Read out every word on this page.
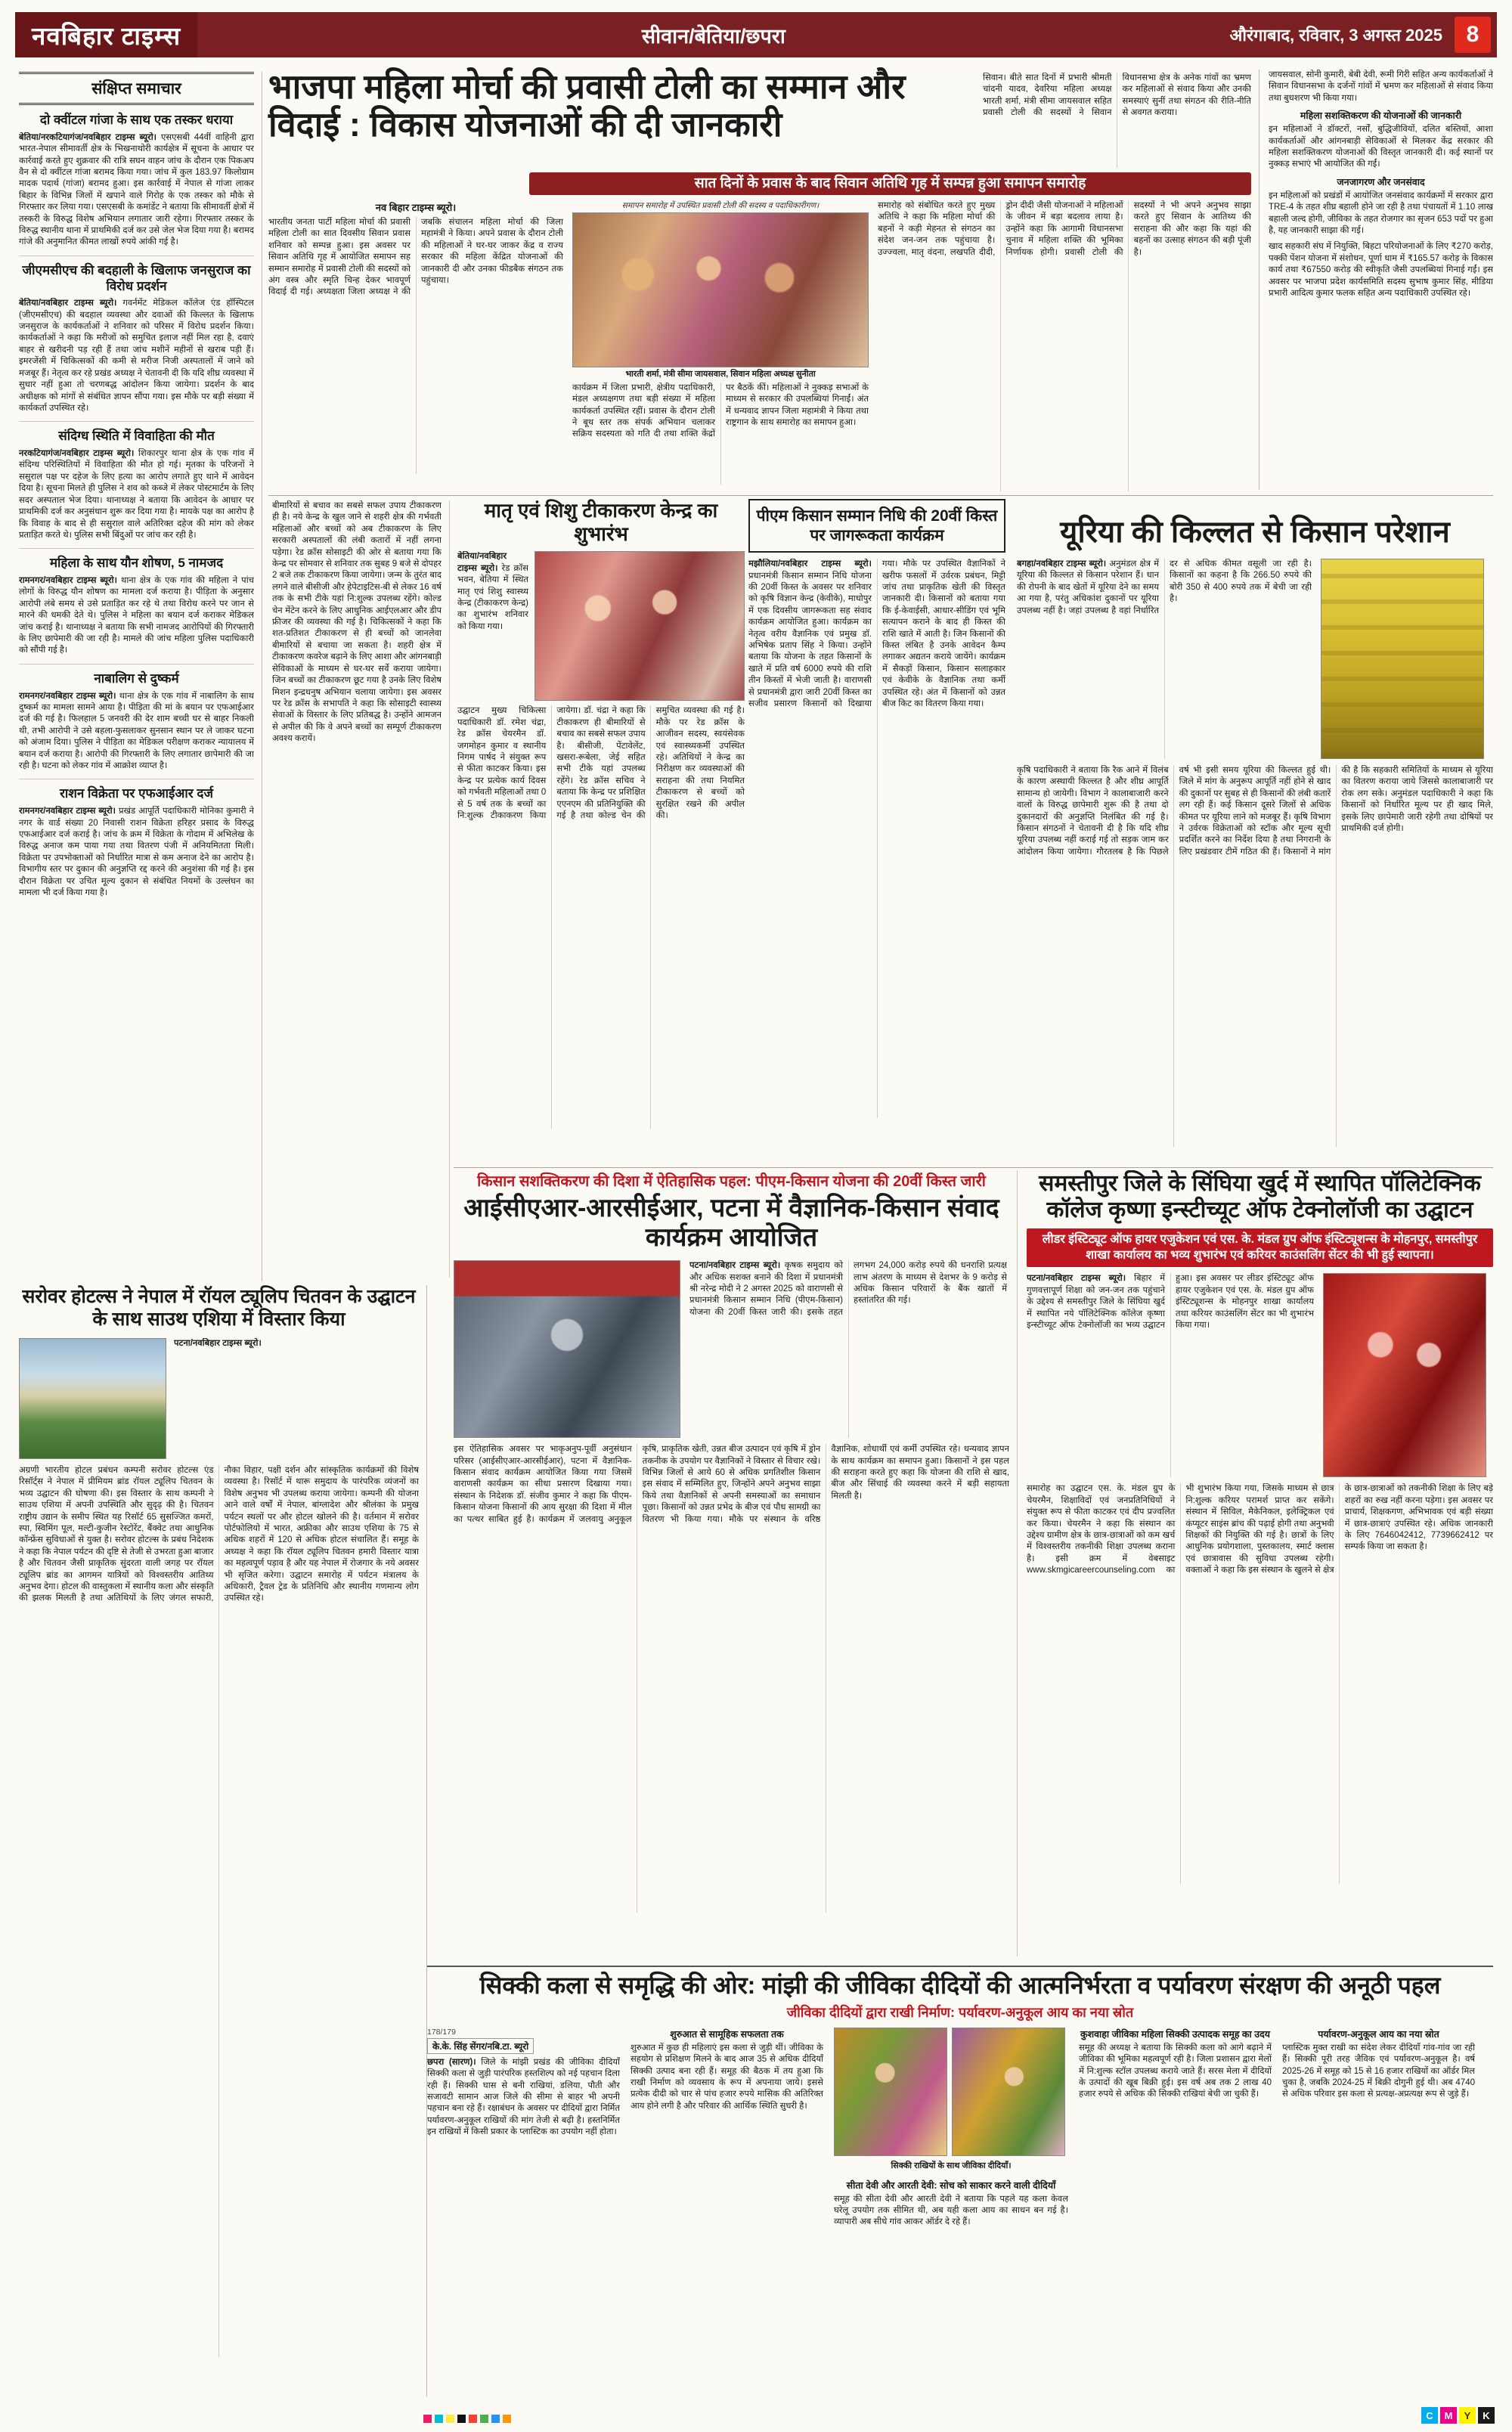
नवबिहार टाइम्स	सीवान/बेतिया/छपरा	औरंगाबाद, रविवार, 3 अगस्त 2025	8
संक्षिप्त समाचार
दो क्वींटल गांजा के साथ एक तस्कर धराया
बेतिया/नरकटियागंज/नवबिहार टाइम्स ब्यूरो। एसएसबी 44वीं वाहिनी द्वारा भारत-नेपाल सीमावर्ती क्षेत्र के भिखनाथोरी कार्यक्षेत्र में सूचना के आधार पर कार्रवाई करते हुए शुक्रवार की रात्रि सघन वाहन जांच के दौरान एक पिकअप वैन से दो क्वींटल गांजा बरामद किया गया। जांच में कुल 183.97 किलोग्राम मादक पदार्थ (गांजा) बरामद हुआ। इस कार्रवाई में नेपाल से गांजा लाकर बिहार के विभिन्न जिलों में खपाने वाले गिरोह के एक तस्कर को मौके से गिरफ्तार कर लिया गया। एसएसबी के कमांडेंट ने बताया कि सीमावर्ती क्षेत्रों में तस्करी के विरुद्ध विशेष अभियान लगातार जारी रहेगा। गिरफ्तार तस्कर के विरुद्ध स्थानीय थाना में प्राथमिकी दर्ज कर उसे जेल भेज दिया गया है। बरामद गांजे की अनुमानित कीमत लाखों रुपये आंकी गई है।
जीएमसीएच की बदहाली के खिलाफ जनसुराज का विरोध प्रदर्शन
बेतिया/नवबिहार टाइम्स ब्यूरो। गवर्नमेंट मेडिकल कॉलेज एंड हॉस्पिटल (जीएमसीएच) की बदहाल व्यवस्था और दवाओं की किल्लत के खिलाफ जनसुराज के कार्यकर्ताओं ने शनिवार को परिसर में विरोध प्रदर्शन किया। कार्यकर्ताओं ने कहा कि मरीजों को समुचित इलाज नहीं मिल रहा है, दवाएं बाहर से खरीदनी पड़ रही हैं तथा जांच मशीनें महीनों से खराब पड़ी हैं। इमरजेंसी में चिकित्सकों की कमी से मरीज निजी अस्पतालों में जाने को मजबूर हैं। नेतृत्व कर रहे प्रखंड अध्यक्ष ने चेतावनी दी कि यदि शीघ्र व्यवस्था में सुधार नहीं हुआ तो चरणबद्ध आंदोलन किया जायेगा। प्रदर्शन के बाद अधीक्षक को मांगों से संबंधित ज्ञापन सौंपा गया। इस मौके पर बड़ी संख्या में कार्यकर्ता उपस्थित रहे।
संदिग्ध स्थिति में विवाहिता की मौत
नरकटियागंज/नवबिहार टाइम्स ब्यूरो। शिकारपुर थाना क्षेत्र के एक गांव में संदिग्ध परिस्थितियों में विवाहिता की मौत हो गई। मृतका के परिजनों ने ससुराल पक्ष पर दहेज के लिए हत्या का आरोप लगाते हुए थाने में आवेदन दिया है। सूचना मिलते ही पुलिस ने शव को कब्जे में लेकर पोस्टमार्टम के लिए सदर अस्पताल भेज दिया। थानाध्यक्ष ने बताया कि आवेदन के आधार पर प्राथमिकी दर्ज कर अनुसंधान शुरू कर दिया गया है। मायके पक्ष का आरोप है कि विवाह के बाद से ही ससुराल वाले अतिरिक्त दहेज की मांग को लेकर प्रताड़ित करते थे। पुलिस सभी बिंदुओं पर जांच कर रही है।
महिला के साथ यौन शोषण, 5 नामजद
रामनगर/नवबिहार टाइम्स ब्यूरो। थाना क्षेत्र के एक गांव की महिला ने पांच लोगों के विरुद्ध यौन शोषण का मामला दर्ज कराया है। पीड़िता के अनुसार आरोपी लंबे समय से उसे प्रताड़ित कर रहे थे तथा विरोध करने पर जान से मारने की धमकी देते थे। पुलिस ने महिला का बयान दर्ज कराकर मेडिकल जांच कराई है। थानाध्यक्ष ने बताया कि सभी नामजद आरोपियों की गिरफ्तारी के लिए छापेमारी की जा रही है। मामले की जांच महिला पुलिस पदाधिकारी को सौंपी गई है।
नाबालिग से दुष्कर्म
रामनगर/नवबिहार टाइम्स ब्यूरो। थाना क्षेत्र के एक गांव में नाबालिग के साथ दुष्कर्म का मामला सामने आया है। पीड़िता की मां के बयान पर एफआईआर दर्ज की गई है। फिलहाल 5 जनवरी की देर शाम बच्ची घर से बाहर निकली थी, तभी आरोपी ने उसे बहला-फुसलाकर सुनसान स्थान पर ले जाकर घटना को अंजाम दिया। पुलिस ने पीड़िता का मेडिकल परीक्षण कराकर न्यायालय में बयान दर्ज कराया है। आरोपी की गिरफ्तारी के लिए लगातार छापेमारी की जा रही है। घटना को लेकर गांव में आक्रोश व्याप्त है।
राशन विक्रेता पर एफआईआर दर्ज
रामनगर/नवबिहार टाइम्स ब्यूरो। प्रखंड आपूर्ति पदाधिकारी मोनिका कुमारी ने नगर के वार्ड संख्या 20 निवासी राशन विक्रेता हरिहर प्रसाद के विरुद्ध एफआईआर दर्ज कराई है। जांच के क्रम में विक्रेता के गोदाम में अभिलेख के विरुद्ध अनाज कम पाया गया तथा वितरण पंजी में अनियमितता मिली। विक्रेता पर उपभोक्ताओं को निर्धारित मात्रा से कम अनाज देने का आरोप है। विभागीय स्तर पर दुकान की अनुज्ञप्ति रद्द करने की अनुशंसा की गई है। इस दौरान विक्रेता पर उचित मूल्य दुकान से संबंधित नियमों के उल्लंघन का मामला भी दर्ज किया गया है।
भाजपा महिला मोर्चा की प्रवासी टोली का सम्मान और विदाई : विकास योजनाओं की दी जानकारी
सिवान। बीते सात दिनों में प्रभारी श्रीमती चांदनी यादव, देवरिया महिला अध्यक्ष भारती शर्मा, मंत्री सीमा जायसवाल सहित प्रवासी टोली की सदस्यों ने सिवान विधानसभा क्षेत्र के अनेक गांवों का भ्रमण कर महिलाओं से संवाद किया और उनकी समस्याएं सुनीं तथा संगठन की रीति-नीति से अवगत कराया।
सात दिनों के प्रवास के बाद सिवान अतिथि गृह में सम्पन्न हुआ समापन समारोह
नव बिहार टाइम्स ब्यूरो।
भारतीय जनता पार्टी महिला मोर्चा की प्रवासी महिला टोली का सात दिवसीय सिवान प्रवास शनिवार को सम्पन्न हुआ। इस अवसर पर सिवान अतिथि गृह में आयोजित समापन सह सम्मान समारोह में प्रवासी टोली की सदस्यों को अंग वस्त्र और स्मृति चिन्ह देकर भावपूर्ण विदाई दी गई। अध्यक्षता जिला अध्यक्ष ने की जबकि संचालन महिला मोर्चा की जिला महामंत्री ने किया। अपने प्रवास के दौरान टोली की महिलाओं ने घर-घर जाकर केंद्र व राज्य सरकार की महिला केंद्रित योजनाओं की जानकारी दी और उनका फीडबैक संगठन तक पहुंचाया।
समापन समारोह में उपस्थित प्रवासी टोली की सदस्य व पदाधिकारीगण।
भारती शर्मा, मंत्री सीमा जायसवाल, सिवान महिला अध्यक्ष सुनीता
कार्यक्रम में जिला प्रभारी, क्षेत्रीय पदाधिकारी, मंडल अध्यक्षगण तथा बड़ी संख्या में महिला कार्यकर्ता उपस्थित रहीं। प्रवास के दौरान टोली ने बूथ स्तर तक संपर्क अभियान चलाकर सक्रिय सदस्यता को गति दी तथा शक्ति केंद्रों पर बैठकें कीं। महिलाओं ने नुक्कड़ सभाओं के माध्यम से सरकार की उपलब्धियां गिनाईं। अंत में धन्यवाद ज्ञापन जिला महामंत्री ने किया तथा राष्ट्रगान के साथ समारोह का समापन हुआ।
समारोह को संबोधित करते हुए मुख्य अतिथि ने कहा कि महिला मोर्चा की बहनों ने कड़ी मेहनत से संगठन का संदेश जन-जन तक पहुंचाया है। उज्ज्वला, मातृ वंदना, लखपति दीदी, ड्रोन दीदी जैसी योजनाओं ने महिलाओं के जीवन में बड़ा बदलाव लाया है। उन्होंने कहा कि आगामी विधानसभा चुनाव में महिला शक्ति की भूमिका निर्णायक होगी। प्रवासी टोली की सदस्यों ने भी अपने अनुभव साझा करते हुए सिवान के आतिथ्य की सराहना की और कहा कि यहां की बहनों का उत्साह संगठन की बड़ी पूंजी है।
जायसवाल, सोनी कुमारी, बेबी देवी, रूमी गिरी सहित अन्य कार्यकर्ताओं ने सिवान विधानसभा के दर्जनों गांवों में भ्रमण कर महिलाओं से संवाद किया तथा बुधशरण भी किया गया।
महिला सशक्तिकरण की योजनाओं की जानकारी
इन महिलाओं ने डॉक्टरों, नर्सों, बुद्धिजीवियों, दलित बस्तियों, आशा कार्यकर्ताओं और आंगनबाड़ी सेविकाओं से मिलकर केंद्र सरकार की महिला सशक्तिकरण योजनाओं की विस्तृत जानकारी दी। कई स्थानों पर नुक्कड़ सभाएं भी आयोजित की गईं।
जनजागरण और जनसंवाद
इन महिलाओं को प्रखंडों में आयोजित जनसंवाद कार्यक्रमों में सरकार द्वारा TRE-4 के तहत शीघ्र बहाली होने जा रही है तथा पंचायतों में 1.10 लाख बहाली जल्द होगी, जीविका के तहत रोजगार का सृजन 653 पदों पर हुआ है, यह जानकारी साझा की गई।
खाद सहकारी संघ में नियुक्ति, बिहटा परियोजनाओं के लिए ₹270 करोड़, पक्की पेंशन योजना में संशोधन, पूर्णा धाम में ₹165.57 करोड़ के विकास कार्य तथा ₹67550 करोड़ की स्वीकृति जैसी उपलब्धियां गिनाई गईं। इस अवसर पर भाजपा प्रदेश कार्यसमिति सदस्य सुभाष कुमार सिंह, मीडिया प्रभारी आदित्य कुमार फलक सहित अन्य पदाधिकारी उपस्थित रहे।
बीमारियों से बचाव का सबसे सफल उपाय टीकाकरण ही है। नये केन्द्र के खुल जाने से शहरी क्षेत्र की गर्भवती महिलाओं और बच्चों को अब टीकाकरण के लिए सरकारी अस्पतालों की लंबी कतारों में नहीं लगना पड़ेगा। रेड क्रॉस सोसाइटी की ओर से बताया गया कि केन्द्र पर सोमवार से शनिवार तक सुबह 9 बजे से दोपहर 2 बजे तक टीकाकरण किया जायेगा। जन्म के तुरंत बाद लगने वाले बीसीजी और हेपेटाइटिस-बी से लेकर 16 वर्ष तक के सभी टीके यहां नि:शुल्क उपलब्ध रहेंगे। कोल्ड चेन मेंटेन करने के लिए आधुनिक आईएलआर और डीप फ्रीजर की व्यवस्था की गई है। चिकित्सकों ने कहा कि शत-प्रतिशत टीकाकरण से ही बच्चों को जानलेवा बीमारियों से बचाया जा सकता है। शहरी क्षेत्र में टीकाकरण कवरेज बढ़ाने के लिए आशा और आंगनबाड़ी सेविकाओं के माध्यम से घर-घर सर्वे कराया जायेगा। जिन बच्चों का टीकाकरण छूट गया है उनके लिए विशेष मिशन इन्द्रधनुष अभियान चलाया जायेगा। इस अवसर पर रेड क्रॉस के सभापति ने कहा कि सोसाइटी स्वास्थ्य सेवाओं के विस्तार के लिए प्रतिबद्ध है। उन्होंने आमजन से अपील की कि वे अपने बच्चों का सम्पूर्ण टीकाकरण अवश्य करायें।
मातृ एवं शिशु टीकाकरण केन्द्र का शुभारंभ
बेतिया/नवबिहार टाइम्स ब्यूरो। रेड क्रॉस भवन, बेतिया में स्थित मातृ एवं शिशु स्वास्थ्य केन्द्र (टीकाकरण केन्द्र) का शुभारंभ शनिवार को किया गया।
उद्घाटन मुख्य चिकित्सा पदाधिकारी डॉ. रमेश चंद्रा, रेड क्रॉस चेयरमैन डॉ. जगमोहन कुमार व स्थानीय निगम पार्षद ने संयुक्त रूप से फीता काटकर किया। इस केन्द्र पर प्रत्येक कार्य दिवस को गर्भवती महिलाओं तथा 0 से 5 वर्ष तक के बच्चों का नि:शुल्क टीकाकरण किया जायेगा। डॉ. चंद्रा ने कहा कि टीकाकरण ही बीमारियों से बचाव का सबसे सफल उपाय है। बीसीजी, पेंटावेलेंट, खसरा-रूबेला, जेई सहित सभी टीके यहां उपलब्ध रहेंगे। रेड क्रॉस सचिव ने बताया कि केन्द्र पर प्रशिक्षित एएनएम की प्रतिनियुक्ति की गई है तथा कोल्ड चेन की समुचित व्यवस्था की गई है। मौके पर रेड क्रॉस के आजीवन सदस्य, स्वयंसेवक एवं स्वास्थ्यकर्मी उपस्थित रहे। अतिथियों ने केन्द्र का निरीक्षण कर व्यवस्थाओं की सराहना की तथा नियमित टीकाकरण से बच्चों को सुरक्षित रखने की अपील की।
पीएम किसान सम्मान निधि की 20वीं किस्त पर जागरूकता कार्यक्रम
मझौलिया/नवबिहार टाइम्स ब्यूरो। प्रधानमंत्री किसान सम्मान निधि योजना की 20वीं किस्त के अवसर पर शनिवार को कृषि विज्ञान केन्द्र (केवीके), माधोपुर में एक दिवसीय जागरूकता सह संवाद कार्यक्रम आयोजित हुआ। कार्यक्रम का नेतृत्व वरीय वैज्ञानिक एवं प्रमुख डॉ. अभिषेक प्रताप सिंह ने किया। उन्होंने बताया कि योजना के तहत किसानों के खाते में प्रति वर्ष 6000 रुपये की राशि तीन किस्तों में भेजी जाती है। वाराणसी से प्रधानमंत्री द्वारा जारी 20वीं किस्त का सजीव प्रसारण किसानों को दिखाया गया। मौके पर उपस्थित वैज्ञानिकों ने खरीफ फसलों में उर्वरक प्रबंधन, मिट्टी जांच तथा प्राकृतिक खेती की विस्तृत जानकारी दी। किसानों को बताया गया कि ई-केवाईसी, आधार-सीडिंग एवं भूमि सत्यापन कराने के बाद ही किस्त की राशि खाते में आती है। जिन किसानों की किस्त लंबित है उनके आवेदन कैम्प लगाकर अद्यतन कराये जायेंगे। कार्यक्रम में सैकड़ों किसान, किसान सलाहकार एवं केवीके के वैज्ञानिक तथा कर्मी उपस्थित रहे। अंत में किसानों को उन्नत बीज किट का वितरण किया गया।
यूरिया की किल्लत से किसान परेशान
बगहा/नवबिहार टाइम्स ब्यूरो। अनुमंडल क्षेत्र में यूरिया की किल्लत से किसान परेशान हैं। धान की रोपनी के बाद खेतों में यूरिया देने का समय आ गया है, परंतु अधिकांश दुकानों पर यूरिया उपलब्ध नहीं है। जहां उपलब्ध है वहां निर्धारित दर से अधिक कीमत वसूली जा रही है। किसानों का कहना है कि 266.50 रुपये की बोरी 350 से 400 रुपये तक में बेची जा रही है।
कृषि पदाधिकारी ने बताया कि रैक आने में विलंब के कारण अस्थायी किल्लत है और शीघ्र आपूर्ति सामान्य हो जायेगी। विभाग ने कालाबाजारी करने वालों के विरुद्ध छापेमारी शुरू की है तथा दो दुकानदारों की अनुज्ञप्ति निलंबित की गई है। किसान संगठनों ने चेतावनी दी है कि यदि शीघ्र यूरिया उपलब्ध नहीं कराई गई तो सड़क जाम कर आंदोलन किया जायेगा। गौरतलब है कि पिछले वर्ष भी इसी समय यूरिया की किल्लत हुई थी। जिले में मांग के अनुरूप आपूर्ति नहीं होने से खाद की दुकानों पर सुबह से ही किसानों की लंबी कतारें लग रही हैं। कई किसान दूसरे जिलों से अधिक कीमत पर यूरिया लाने को मजबूर हैं। कृषि विभाग ने उर्वरक विक्रेताओं को स्टॉक और मूल्य सूची प्रदर्शित करने का निर्देश दिया है तथा निगरानी के लिए प्रखंडवार टीमें गठित की हैं। किसानों ने मांग की है कि सहकारी समितियों के माध्यम से यूरिया का वितरण कराया जाये जिससे कालाबाजारी पर रोक लग सके। अनुमंडल पदाधिकारी ने कहा कि किसानों को निर्धारित मूल्य पर ही खाद मिले, इसके लिए छापेमारी जारी रहेगी तथा दोषियों पर प्राथमिकी दर्ज होगी।
किसान सशक्तिकरण की दिशा में ऐतिहासिक पहल: पीएम-किसान योजना की 20वीं किस्त जारी
आईसीएआर-आरसीईआर, पटना में वैज्ञानिक-किसान संवाद कार्यक्रम आयोजित
पटना/नवबिहार टाइम्स ब्यूरो। कृषक समुदाय को और अधिक सशक्त बनाने की दिशा में प्रधानमंत्री श्री नरेन्द्र मोदी ने 2 अगस्त 2025 को वाराणसी से प्रधानमंत्री किसान सम्मान निधि (पीएम-किसान) योजना की 20वीं किस्त जारी की। इसके तहत लगभग 24,000 करोड़ रुपये की धनराशि प्रत्यक्ष लाभ अंतरण के माध्यम से देशभर के 9 करोड़ से अधिक किसान परिवारों के बैंक खातों में हस्तांतरित की गई।
इस ऐतिहासिक अवसर पर भाकृअनुप-पूर्वी अनुसंधान परिसर (आईसीएआर-आरसीईआर), पटना में वैज्ञानिक-किसान संवाद कार्यक्रम आयोजित किया गया जिसमें वाराणसी कार्यक्रम का सीधा प्रसारण दिखाया गया। संस्थान के निदेशक डॉ. संजीव कुमार ने कहा कि पीएम-किसान योजना किसानों की आय सुरक्षा की दिशा में मील का पत्थर साबित हुई है। कार्यक्रम में जलवायु अनुकूल कृषि, प्राकृतिक खेती, उन्नत बीज उत्पादन एवं कृषि में ड्रोन तकनीक के उपयोग पर वैज्ञानिकों ने विस्तार से विचार रखे। विभिन्न जिलों से आये 60 से अधिक प्रगतिशील किसान इस संवाद में सम्मिलित हुए, जिन्होंने अपने अनुभव साझा किये तथा वैज्ञानिकों से अपनी समस्याओं का समाधान पूछा। किसानों को उन्नत प्रभेद के बीज एवं पौध सामग्री का वितरण भी किया गया। मौके पर संस्थान के वरिष्ठ वैज्ञानिक, शोधार्थी एवं कर्मी उपस्थित रहे। धन्यवाद ज्ञापन के साथ कार्यक्रम का समापन हुआ। किसानों ने इस पहल की सराहना करते हुए कहा कि योजना की राशि से खाद, बीज और सिंचाई की व्यवस्था करने में बड़ी सहायता मिलती है।
समस्तीपुर जिले के सिंघिया खुर्द में स्थापित पॉलिटेक्निक कॉलेज कृष्णा इन्स्टीच्यूट ऑफ टेक्नोलॉजी का उद्घाटन
लीडर इंस्टिट्यूट ऑफ हायर एजुकेशन एवं एस. के. मंडल ग्रुप ऑफ इंस्टिट्यूशन्स के मोहनपुर, समस्तीपुर शाखा कार्यालय का भव्य शुभारंभ एवं करियर काउंसलिंग सेंटर की भी हुई स्थापना।
पटना/नवबिहार टाइम्स ब्यूरो। बिहार में गुणवत्तापूर्ण शिक्षा को जन-जन तक पहुंचाने के उद्देश्य से समस्तीपुर जिले के सिंघिया खुर्द में स्थापित नये पॉलिटेक्निक कॉलेज कृष्णा इन्स्टीच्यूट ऑफ टेक्नोलॉजी का भव्य उद्घाटन हुआ। इस अवसर पर लीडर इंस्टिट्यूट ऑफ हायर एजुकेशन एवं एस. के. मंडल ग्रुप ऑफ इंस्टिट्यूशन्स के मोहनपुर शाखा कार्यालय तथा करियर काउंसलिंग सेंटर का भी शुभारंभ किया गया।
समारोह का उद्घाटन एस. के. मंडल ग्रुप के चेयरमैन, शिक्षाविदों एवं जनप्रतिनिधियों ने संयुक्त रूप से फीता काटकर एवं दीप प्रज्वलित कर किया। चेयरमैन ने कहा कि संस्थान का उद्देश्य ग्रामीण क्षेत्र के छात्र-छात्राओं को कम खर्च में विश्वस्तरीय तकनीकी शिक्षा उपलब्ध कराना है। इसी क्रम में वेबसाइट www.skmgicareercounseling.com का भी शुभारंभ किया गया, जिसके माध्यम से छात्र नि:शुल्क करियर परामर्श प्राप्त कर सकेंगे। संस्थान में सिविल, मैकेनिकल, इलेक्ट्रिकल एवं कंप्यूटर साइंस ब्रांच की पढ़ाई होगी तथा अनुभवी शिक्षकों की नियुक्ति की गई है। छात्रों के लिए आधुनिक प्रयोगशाला, पुस्तकालय, स्मार्ट क्लास एवं छात्रावास की सुविधा उपलब्ध रहेगी। वक्ताओं ने कहा कि इस संस्थान के खुलने से क्षेत्र के छात्र-छात्राओं को तकनीकी शिक्षा के लिए बड़े शहरों का रुख नहीं करना पड़ेगा। इस अवसर पर प्राचार्य, शिक्षकगण, अभिभावक एवं बड़ी संख्या में छात्र-छात्राएं उपस्थित रहे। अधिक जानकारी के लिए 7646042412, 7739662412 पर सम्पर्क किया जा सकता है।
सिक्की कला से समृद्धि की ओर: मांझी की जीविका दीदियों की आत्मनिर्भरता व पर्यावरण संरक्षण की अनूठी पहल
जीविका दीदियों द्वारा राखी निर्माण: पर्यावरण-अनुकूल आय का नया स्रोत
178/179
के.के. सिंह सेंगर/नबि.टा. ब्यूरो
छपरा (सारण)। जिले के मांझी प्रखंड की जीविका दीदियाँ सिक्की कला से जुड़ी पारंपरिक हस्तशिल्प को नई पहचान दिला रही हैं। सिक्की घास से बनी राखियां, डलिया, पौती और सजावटी सामान आज जिले की सीमा से बाहर भी अपनी पहचान बना रहे हैं। रक्षाबंधन के अवसर पर दीदियों द्वारा निर्मित पर्यावरण-अनुकूल राखियों की मांग तेजी से बढ़ी है। हस्तनिर्मित इन राखियों में किसी प्रकार के प्लास्टिक का उपयोग नहीं होता।
शुरुआत से सामूहिक सफलता तक
शुरुआत में कुछ ही महिलाएं इस कला से जुड़ी थीं। जीविका के सहयोग से प्रशिक्षण मिलने के बाद आज 35 से अधिक दीदियाँ सिक्की उत्पाद बना रही हैं। समूह की बैठक में तय हुआ कि राखी निर्माण को व्यवसाय के रूप में अपनाया जाये। इससे प्रत्येक दीदी को चार से पांच हजार रुपये मासिक की अतिरिक्त आय होने लगी है और परिवार की आर्थिक स्थिति सुधरी है।
सिक्की राखियों के साथ जीविका दीदियाँ।
सीता देवी और आरती देवी: सोच को साकार करने वाली दीदियाँ
समूह की सीता देवी और आरती देवी ने बताया कि पहले यह कला केवल घरेलू उपयोग तक सीमित थी, अब यही कला आय का साधन बन गई है। व्यापारी अब सीधे गांव आकर ऑर्डर दे रहे हैं।
कुशवाहा जीविका महिला सिक्की उत्पादक समूह का उदय
समूह की अध्यक्ष ने बताया कि सिक्की कला को आगे बढ़ाने में जीविका की भूमिका महत्वपूर्ण रही है। जिला प्रशासन द्वारा मेलों में नि:शुल्क स्टॉल उपलब्ध कराये जाते हैं। सरस मेला में दीदियों के उत्पादों की खूब बिक्री हुई। इस वर्ष अब तक 2 लाख 40 हजार रुपये से अधिक की सिक्की राखियां बेची जा चुकी हैं।
पर्यावरण-अनुकूल आय का नया स्रोत
प्लास्टिक मुक्त राखी का संदेश लेकर दीदियाँ गांव-गांव जा रही हैं। सिक्की पूरी तरह जैविक एवं पर्यावरण-अनुकूल है। वर्ष 2025-26 में समूह को 15 से 16 हजार राखियों का ऑर्डर मिल चुका है, जबकि 2024-25 में बिक्री दोगुनी हुई थी। अब 4740 से अधिक परिवार इस कला से प्रत्यक्ष-अप्रत्यक्ष रूप से जुड़े हैं।
सरोवर होटल्स ने नेपाल में रॉयल ट्यूलिप चितवन के उद्घाटन के साथ साउथ एशिया में विस्तार किया
पटना/नवबिहार टाइम्स ब्यूरो।
अग्रणी भारतीय होटल प्रबंधन कम्पनी सरोवर होटल्स एंड रिसॉर्ट्स ने नेपाल में प्रीमियम ब्रांड रॉयल ट्यूलिप चितवन के भव्य उद्घाटन की घोषणा की। इस विस्तार के साथ कम्पनी ने साउथ एशिया में अपनी उपस्थिति और सुदृढ़ की है। चितवन राष्ट्रीय उद्यान के समीप स्थित यह रिसॉर्ट 65 सुसज्जित कमरों, स्पा, स्विमिंग पूल, मल्टी-कुजीन रेस्टोरेंट, बैंक्वेट तथा आधुनिक कॉन्फ्रेंस सुविधाओं से युक्त है। सरोवर होटल्स के प्रबंध निदेशक ने कहा कि नेपाल पर्यटन की दृष्टि से तेजी से उभरता हुआ बाजार है और चितवन जैसी प्राकृतिक सुंदरता वाली जगह पर रॉयल ट्यूलिप ब्रांड का आगमन यात्रियों को विश्वस्तरीय आतिथ्य अनुभव देगा। होटल की वास्तुकला में स्थानीय कला और संस्कृति की झलक मिलती है तथा अतिथियों के लिए जंगल सफारी, नौका विहार, पक्षी दर्शन और सांस्कृतिक कार्यक्रमों की विशेष व्यवस्था है। रिसॉर्ट में थारू समुदाय के पारंपरिक व्यंजनों का विशेष अनुभव भी उपलब्ध कराया जायेगा। कम्पनी की योजना आने वाले वर्षों में नेपाल, बांग्लादेश और श्रीलंका के प्रमुख पर्यटन स्थलों पर और होटल खोलने की है। वर्तमान में सरोवर पोर्टफोलियो में भारत, अफ्रीका और साउथ एशिया के 75 से अधिक शहरों में 120 से अधिक होटल संचालित हैं। समूह के अध्यक्ष ने कहा कि रॉयल ट्यूलिप चितवन हमारी विस्तार यात्रा का महत्वपूर्ण पड़ाव है और यह नेपाल में रोजगार के नये अवसर भी सृजित करेगा। उद्घाटन समारोह में पर्यटन मंत्रालय के अधिकारी, ट्रैवल ट्रेड के प्रतिनिधि और स्थानीय गणमान्य लोग उपस्थित रहे।
C	M	Y	K
